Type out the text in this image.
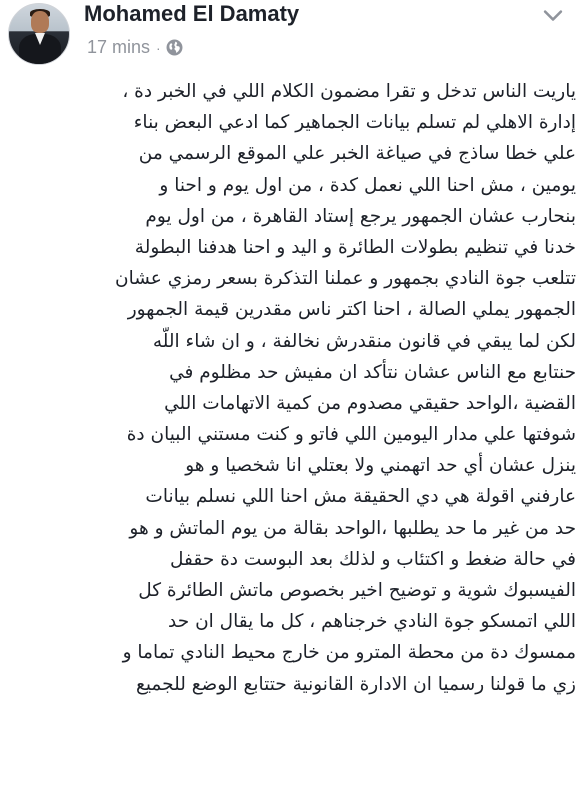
Mohamed El Damaty
17 mins ·
ياريت الناس تدخل و تقرا مضمون الكلام اللي في الخبر دة ،
إدارة الاهلي لم تسلم بيانات الجماهير كما ادعي البعض بناء
علي خطا ساذج في صياغة الخبر علي الموقع الرسمي من
يومين ، مش احنا اللي نعمل كدة ، من اول يوم و احنا و
بنحارب عشان الجمهور يرجع إستاد القاهرة ، من اول يوم
خدنا في تنظيم بطولات الطائرة و اليد و احنا هدفنا البطولة
تتلعب جوة النادي بجمهور و عملنا التذكرة بسعر رمزي عشان
الجمهور يملي الصالة ، احنا اكتر ناس مقدرين قيمة الجمهور
لكن لما يبقي في قانون منقدرش نخالفة ، و ان شاء اللّه
حنتابع مع الناس عشان نتأكد ان مفيش حد مظلوم في
القضية ،الواحد حقيقي مصدوم من كمية الاتهامات اللي
شوفتها علي مدار اليومين اللي فاتو و كنت مستني البيان دة
ينزل عشان أي حد اتهمني ولا بعتلي انا شخصيا و هو
عارفني اقولة هي دي الحقيقة مش احنا اللي نسلم بيانات
حد من غير ما حد يطلبها ،الواحد بقالة من يوم الماتش و هو
في حالة ضغط و اكتئاب و لذلك بعد البوست دة حقفل
الفيسبوك شوية و توضيح اخير بخصوص ماتش الطائرة كل
اللي اتمسكو جوة النادي خرجناهم ، كل ما يقال ان حد
ممسوك دة من محطة المترو من خارج محيط النادي تماما و
زي ما قولنا رسميا ان الادارة القانونية حتتابع الوضع للجميع
